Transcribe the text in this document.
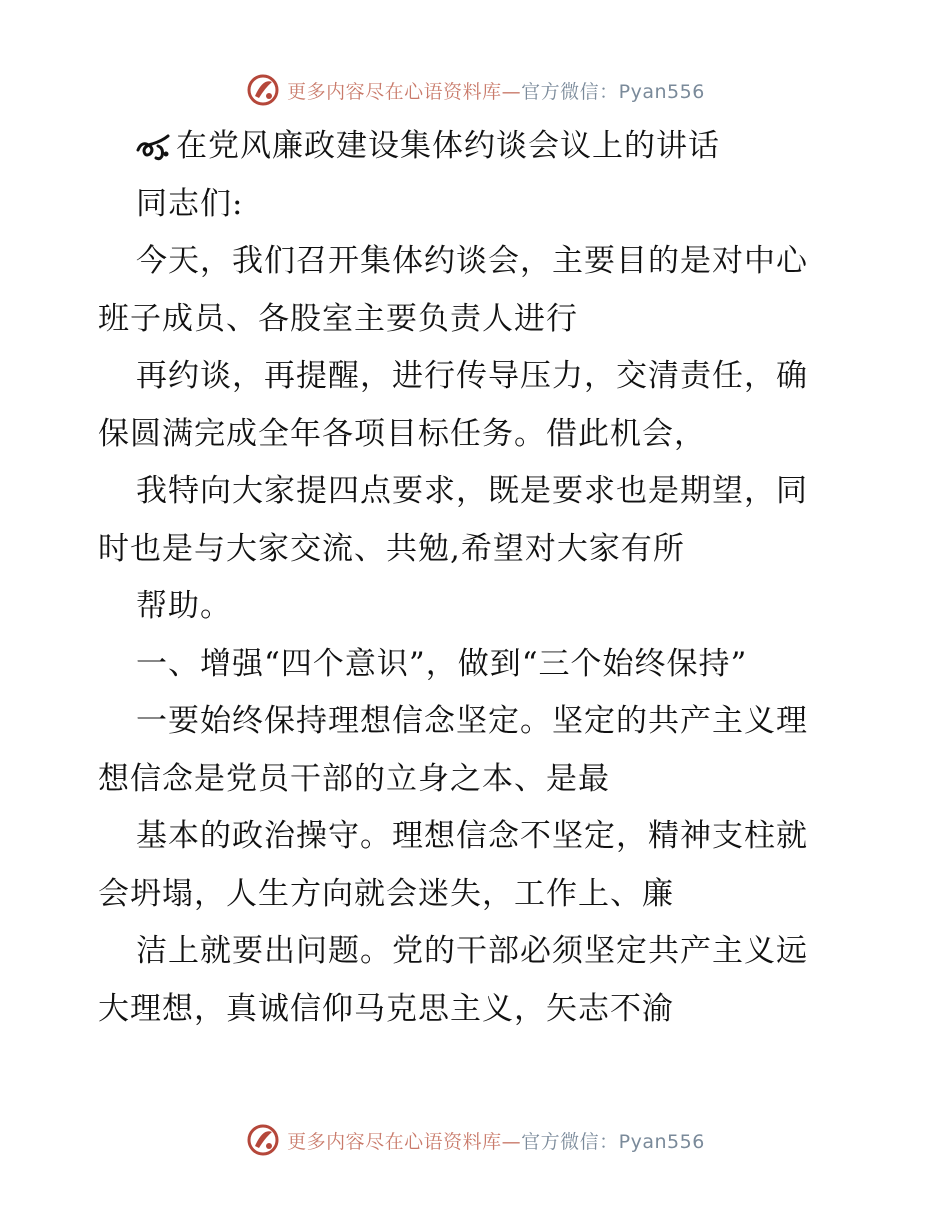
更多内容尽在心语资料库—官方微信：Pyan556
在党风廉政建设集体约谈会议上的讲话
同志们:
今天，我们召开集体约谈会，主要目的是对中心
班子成员、各股室主要负责人进行
再约谈，再提醒，进行传导压力，交清责任，确
保圆满完成全年各项目标任务。借此机会，
我特向大家提四点要求，既是要求也是期望，同
时也是与大家交流、共勉,希望对大家有所
帮助。
一、增强“四个意识”，做到“三个始终保持”
一要始终保持理想信念坚定。坚定的共产主义理
想信念是党员干部的立身之本、是最
基本的政治操守。理想信念不坚定，精神支柱就
会坍塌，人生方向就会迷失，工作上、廉
洁上就要出问题。党的干部必须坚定共产主义远
大理想，真诚信仰马克思主义，矢志不渝
更多内容尽在心语资料库—官方微信：Pyan556
